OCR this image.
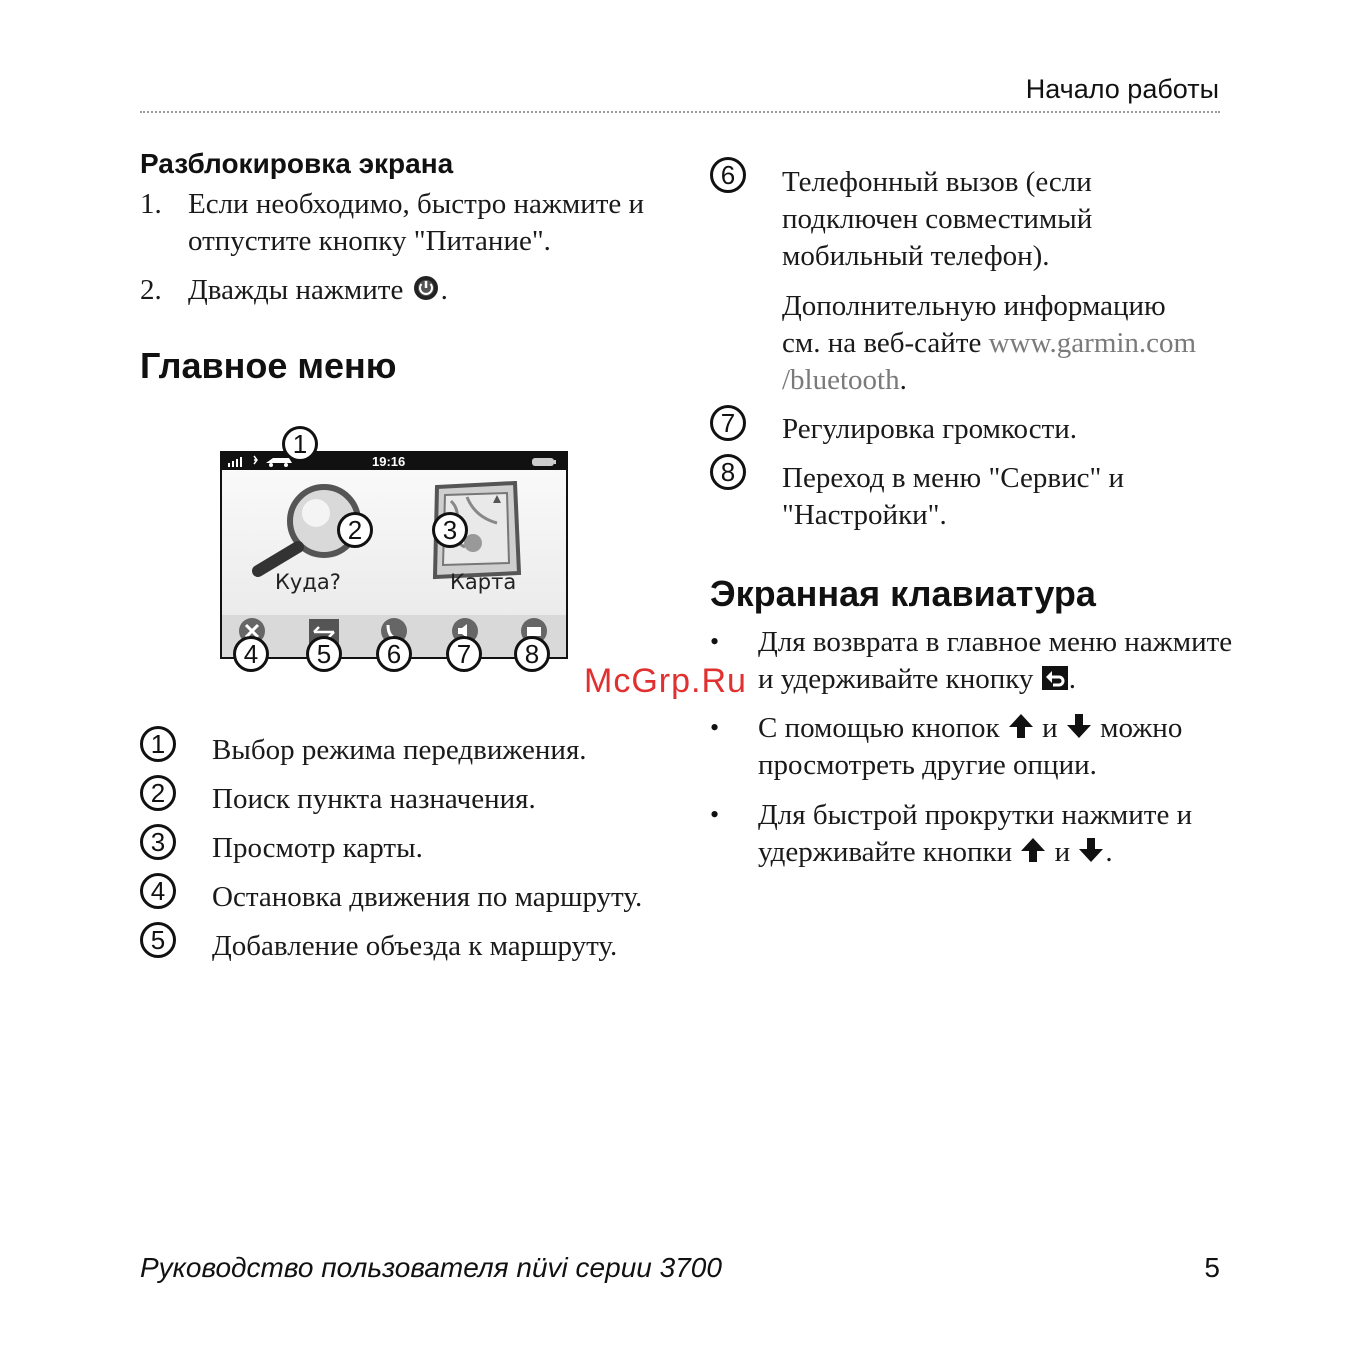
Начало работы
Разблокировка экрана
1. Если необходимо, быстро нажмите и
отпустите кнопку "Питание".
2. Дважды нажмите .
Главное меню
19:16
Куда?	Карта
1
2	3
4	5	6	7	8
1	Выбор режима передвижения.
2	Поиск пункта назначения.
3	Просмотр карты.
4	Остановка движения по маршруту.
5	Добавление объезда к маршруту.
6	Телефонный вызов (если
подключен совместимый
мобильный телефон).
Дополнительную информацию
см. на веб-сайте www.garmin.com
/bluetooth.
7	Регулировка громкости.
8	Переход в меню "Сервис" и
"Настройки".
Экранная клавиатура
• Для возврата в главное меню нажмите
и удерживайте кнопку .
• С помощью кнопок и можно
просмотреть другие опции.
• Для быстрой прокрутки нажмите и
удерживайте кнопки и .
McGrp.Ru
Руководство пользователя nüvi серии 3700	5
